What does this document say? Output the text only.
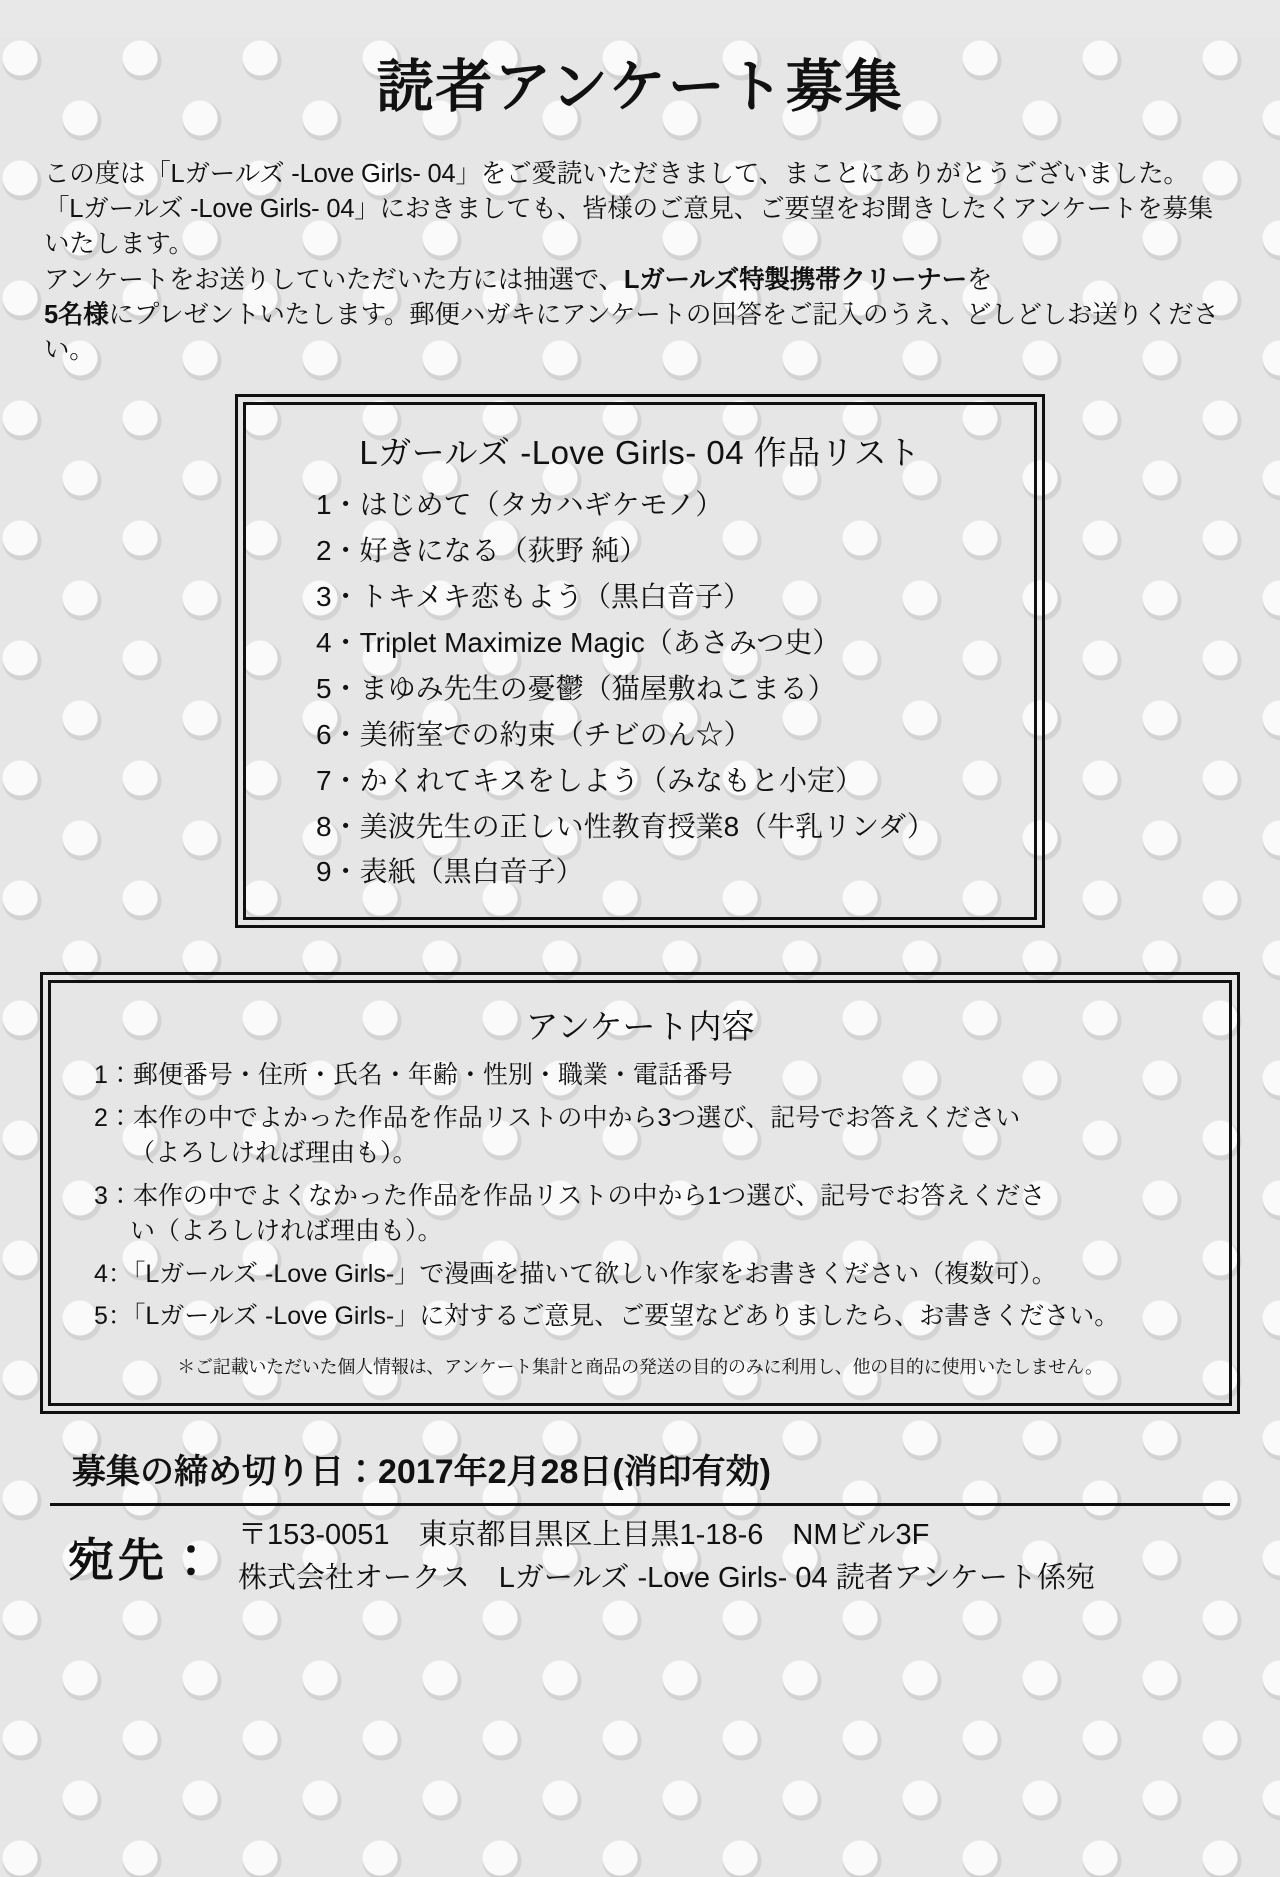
読者アンケート募集

この度は「Lガールズ -Love Girls- 04」をご愛読いただきまして、まことにありがとうございました。

「Lガールズ -Love Girls- 04」におきましても、皆様のご意見、ご要望をお聞きしたくアンケートを募集いたします。

アンケートをお送りしていただいた方には抽選で、Lガールズ特製携帯クリーナーを

5名様にプレゼントいたします。郵便ハガキにアンケートの回答をご記入のうえ、どしどしお送りください。

Lガールズ -Love Girls- 04 作品リスト
1・はじめて（タカハギケモノ）
2・好きになる（荻野 純）
3・トキメキ恋もよう（黒白音子）
4・Triplet Maximize Magic（あさみつ史）
5・まゆみ先生の憂鬱（猫屋敷ねこまる）
6・美術室での約束（チビのん☆）
7・かくれてキスをしよう（みなもと小定）
8・美波先生の正しい性教育授業8（牛乳リンダ）
9・表紙（黒白音子）
アンケート内容
1：郵便番号・住所・氏名・年齢・性別・職業・電話番号
2：本作の中でよかった作品を作品リストの中から3つ選び、記号でお答えください
（よろしければ理由も）。
3：本作の中でよくなかった作品を作品リストの中から1つ選び、記号でお答えくださ
い（よろしければ理由も）。
4：「Lガールズ -Love Girls-」で漫画を描いて欲しい作家をお書きください（複数可）。
5：「Lガールズ -Love Girls-」に対するご意見、ご要望などありましたら、お書きください。
＊ご記載いただいた個人情報は、アンケート集計と商品の発送の目的のみに利用し、他の目的に使用いたしません。
募集の締め切り日：2017年2月28日(消印有効)
宛先： 〒153-0051　東京都目黒区上目黒1-18-6　NMビル3F
株式会社オークス　Lガールズ -Love Girls- 04 読者アンケート係宛
